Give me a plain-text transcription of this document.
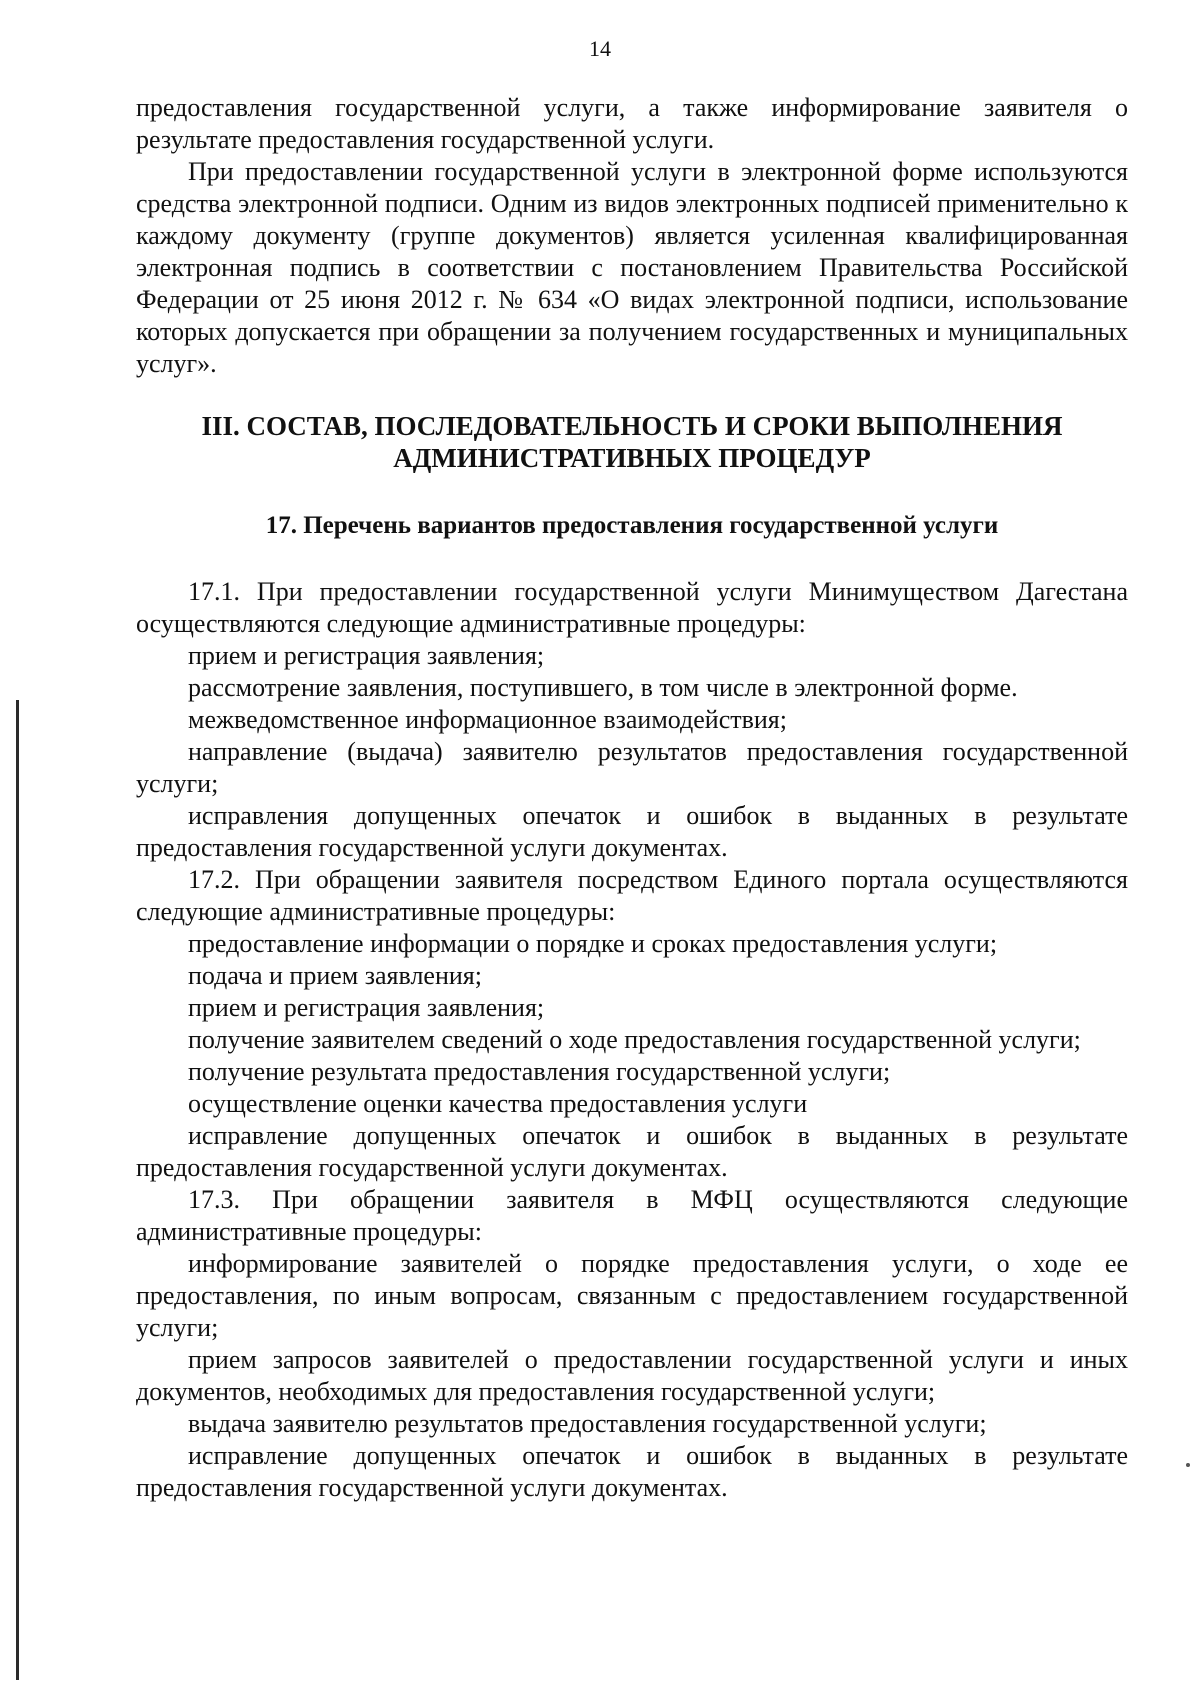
14

предоставления государственной услуги, а также информирование заявителя о результате предоставления государственной услуги.

При предоставлении государственной услуги в электронной форме используются средства электронной подписи. Одним из видов электронных подписей применительно к каждому документу (группе документов) является усиленная квалифицированная электронная подпись в соответствии с постановлением Правительства Российской Федерации от 25 июня 2012 г. № 634 «О видах электронной подписи, использование которых допускается при обращении за получением государственных и муниципальных услуг».

III. СОСТАВ, ПОСЛЕДОВАТЕЛЬНОСТЬ И СРОКИ ВЫПОЛНЕНИЯ
АДМИНИСТРАТИВНЫХ ПРОЦЕДУР
17. Перечень вариантов предоставления государственной услуги

17.1. При предоставлении государственной услуги Минимуществом Дагестана осуществляются следующие административные процедуры:

прием и регистрация заявления;

рассмотрение заявления, поступившего, в том числе в электронной форме.

межведомственное информационное взаимодействия;

направление (выдача) заявителю результатов предоставления государственной услуги;

исправления допущенных опечаток и ошибок в выданных в результате предоставления государственной услуги документах.

17.2. При обращении заявителя посредством Единого портала осуществляются следующие административные процедуры:

предоставление информации о порядке и сроках предоставления услуги;

подача и прием заявления;

прием и регистрация заявления;

получение заявителем сведений о ходе предоставления государственной услуги;

получение результата предоставления государственной услуги;

осуществление оценки качества предоставления услуги

исправление допущенных опечаток и ошибок в выданных в результате предоставления государственной услуги документах.

17.3. При обращении заявителя в МФЦ осуществляются следующие административные процедуры:

информирование заявителей о порядке предоставления услуги, о ходе ее предоставления, по иным вопросам, связанным с предоставлением государственной услуги;

прием запросов заявителей о предоставлении государственной услуги и иных документов, необходимых для предоставления государственной услуги;

выдача заявителю результатов предоставления государственной услуги;

исправление допущенных опечаток и ошибок в выданных в результате предоставления государственной услуги документах.
